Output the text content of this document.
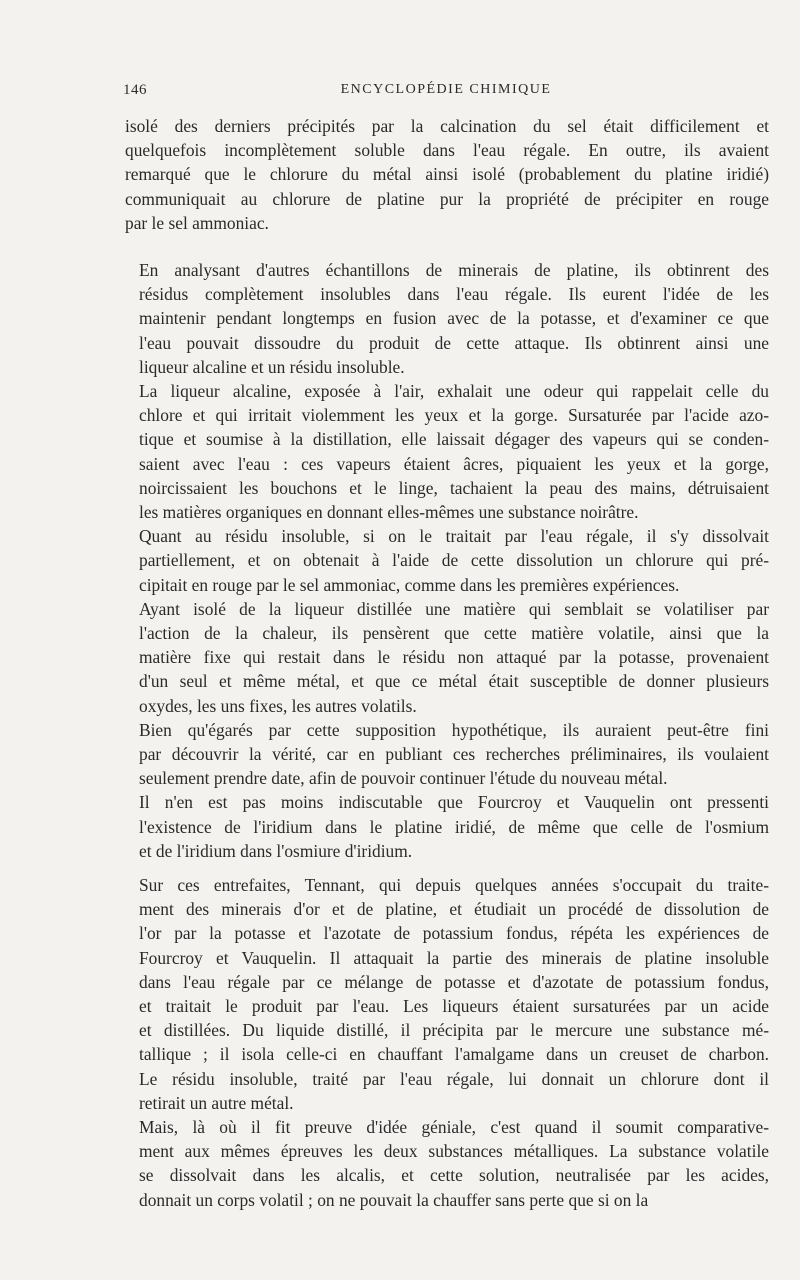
146	ENCYCLOPÉDIE CHIMIQUE

isolé des derniers précipités par la calcination du sel était difficilement et
quelquefois incomplètement soluble dans l'eau régale. En outre, ils avaient
remarqué que le chlorure du métal ainsi isolé (probablement du platine iridié)
communiquait au chlorure de platine pur la propriété de précipiter en rouge
par le sel ammoniac.

En analysant d'autres échantillons de minerais de platine, ils obtinrent des
résidus complètement insolubles dans l'eau régale. Ils eurent l'idée de les
maintenir pendant longtemps en fusion avec de la potasse, et d'examiner ce que
l'eau pouvait dissoudre du produit de cette attaque. Ils obtinrent ainsi une
liqueur alcaline et un résidu insoluble.

La liqueur alcaline, exposée à l'air, exhalait une odeur qui rappelait celle du
chlore et qui irritait violemment les yeux et la gorge. Sursaturée par l'acide azo-
tique et soumise à la distillation, elle laissait dégager des vapeurs qui se conden-
saient avec l'eau : ces vapeurs étaient âcres, piquaient les yeux et la gorge,
noircissaient les bouchons et le linge, tachaient la peau des mains, détruisaient
les matières organiques en donnant elles-mêmes une substance noirâtre.

Quant au résidu insoluble, si on le traitait par l'eau régale, il s'y dissolvait
partiellement, et on obtenait à l'aide de cette dissolution un chlorure qui pré-
cipitait en rouge par le sel ammoniac, comme dans les premières expériences.

Ayant isolé de la liqueur distillée une matière qui semblait se volatiliser par
l'action de la chaleur, ils pensèrent que cette matière volatile, ainsi que la
matière fixe qui restait dans le résidu non attaqué par la potasse, provenaient
d'un seul et même métal, et que ce métal était susceptible de donner plusieurs
oxydes, les uns fixes, les autres volatils.

Bien qu'égarés par cette supposition hypothétique, ils auraient peut-être fini
par découvrir la vérité, car en publiant ces recherches préliminaires, ils voulaient
seulement prendre date, afin de pouvoir continuer l'étude du nouveau métal.

Il n'en est pas moins indiscutable que Fourcroy et Vauquelin ont pressenti
l'existence de l'iridium dans le platine iridié, de même que celle de l'osmium
et de l'iridium dans l'osmiure d'iridium.

Sur ces entrefaites, Tennant, qui depuis quelques années s'occupait du traite-
ment des minerais d'or et de platine, et étudiait un procédé de dissolution de
l'or par la potasse et l'azotate de potassium fondus, répéta les expériences de
Fourcroy et Vauquelin. Il attaquait la partie des minerais de platine insoluble
dans l'eau régale par ce mélange de potasse et d'azotate de potassium fondus,
et traitait le produit par l'eau. Les liqueurs étaient sursaturées par un acide
et distillées. Du liquide distillé, il précipita par le mercure une substance mé-
tallique ; il isola celle-ci en chauffant l'amalgame dans un creuset de charbon.
Le résidu insoluble, traité par l'eau régale, lui donnait un chlorure dont il
retirait un autre métal.

Mais, là où il fit preuve d'idée géniale, c'est quand il soumit comparative-
ment aux mêmes épreuves les deux substances métalliques. La substance volatile
se dissolvait dans les alcalis, et cette solution, neutralisée par les acides,
donnait un corps volatil ; on ne pouvait la chauffer sans perte que si on la
